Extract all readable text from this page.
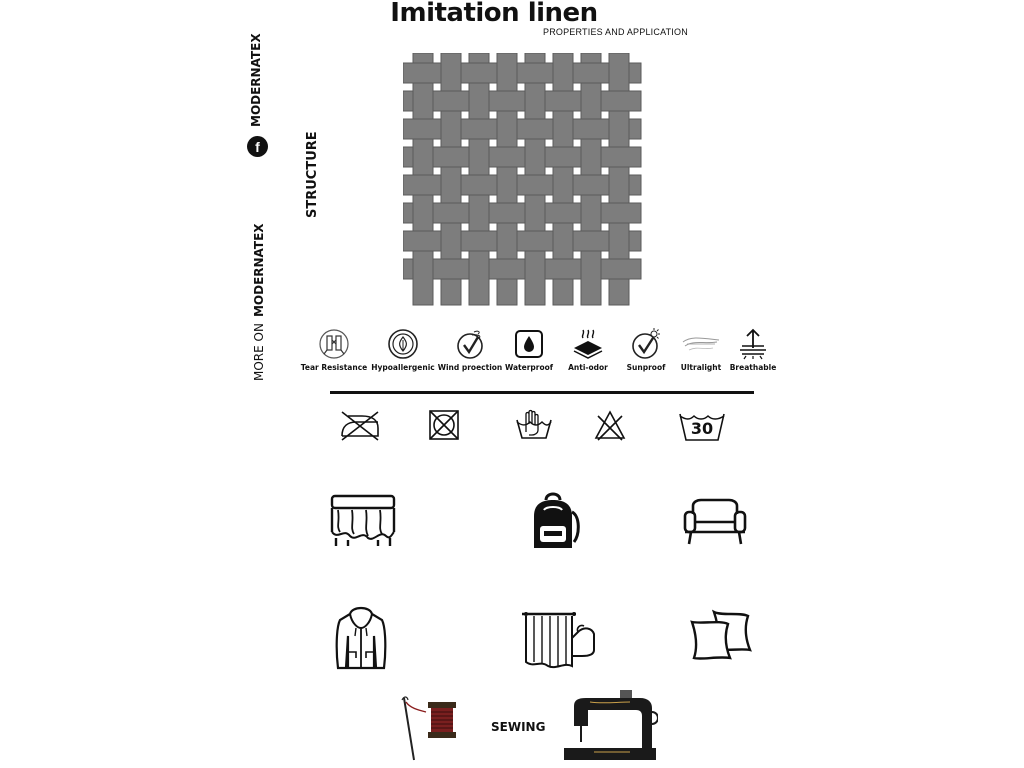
Imitation linen
PROPERTIES AND APPLICATION
MODERNATEX
f	STRUCTURE
MORE ONMODERNATEX
Tear Resistance Hypoallergenic Wind proection Waterproof	Anti-odor	Sunproof	Ultralight	Breathable
30
SEWING
